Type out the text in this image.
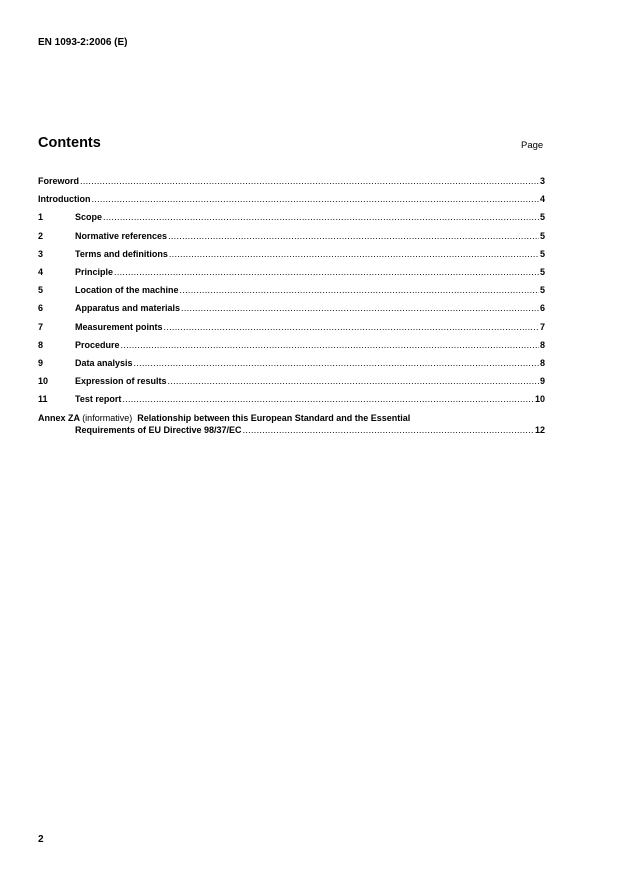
EN 1093-2:2006 (E)
Contents	Page
Foreword .....	3
Introduction .....	4
1	Scope .....	5
2	Normative references .....	5
3	Terms and definitions .....	5
4	Principle .....	5
5	Location of the machine .....	5
6	Apparatus and materials .....	6
7	Measurement points .....	7
8	Procedure .....	8
9	Data analysis .....	8
10	Expression of results .....	9
11	Test report .....	10
Annex ZA (informative) Relationship between this European Standard and the Essential
Requirements of EU Directive 98/37/EC .....	12
2
